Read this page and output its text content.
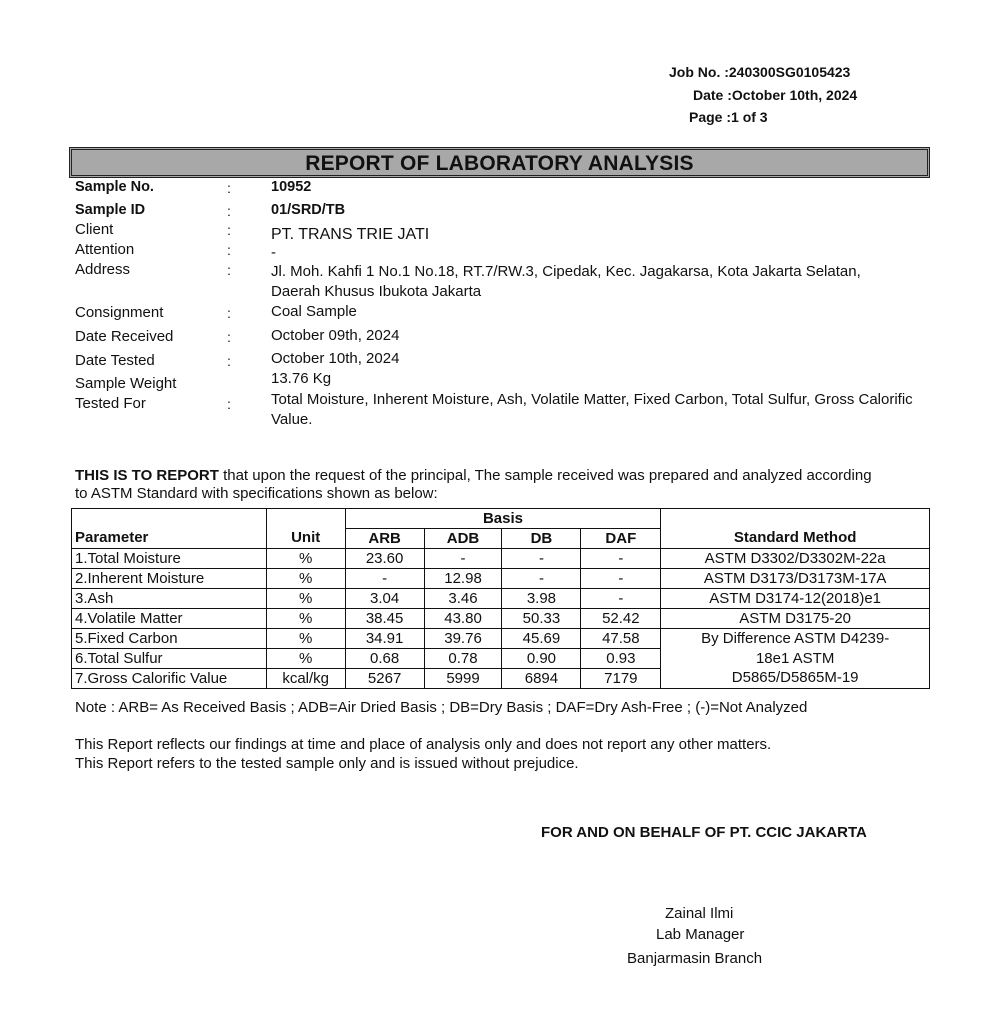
Job No. :240300SG0105423
Date :October 10th, 2024
Page :1 of 3
REPORT OF LABORATORY ANALYSIS
Sample No.	:	10952
Sample ID	:	01/SRD/TB
Client	:	PT. TRANS TRIE JATI
Attention	:	-
Address	:	Jl. Moh. Kahfi 1 No.1 No.18, RT.7/RW.3, Cipedak, Kec. Jagakarsa, Kota Jakarta Selatan, Daerah Khusus Ibukota Jakarta
Consignment	:	Coal Sample
Date Received	:	October 09th, 2024
Date Tested	:	October 10th, 2024
Sample Weight	13.76 Kg
Tested For	:	Total Moisture, Inherent Moisture, Ash, Volatile Matter, Fixed Carbon, Total Sulfur, Gross Calorific Value.
THIS IS TO REPORT that upon the request of the principal, The sample received was prepared and analyzed according to ASTM Standard with specifications shown as below:
		Basis				
Parameter	Unit	ARB	ADB	DB	DAF	Standard Method
1.Total Moisture	%	23.60	-	-	-	ASTM D3302/D3302M-22a
2.Inherent Moisture	%	-	12.98	-	-	ASTM D3173/D3173M-17A
3.Ash	%	3.04	3.46	3.98	-	ASTM D3174-12(2018)e1
4.Volatile Matter	%	38.45	43.80	50.33	52.42	ASTM D3175-20
5.Fixed Carbon	%	34.91	39.76	45.69	47.58	By Difference ASTM D4239-
6.Total Sulfur	%	0.68	0.78	0.90	0.93	18e1 ASTM
7.Gross Calorific Value	kcal/kg	5267	5999	6894	7179	D5865/D5865M-19
Note : ARB= As Received Basis ; ADB=Air Dried Basis ; DB=Dry Basis ; DAF=Dry Ash-Free ; (-)=Not Analyzed
This Report reflects our findings at time and place of analysis only and does not report any other matters.
This Report refers to the tested sample only and is issued without prejudice.
FOR AND ON BEHALF OF PT. CCIC JAKARTA
Zainal Ilmi
Lab Manager
Banjarmasin Branch
